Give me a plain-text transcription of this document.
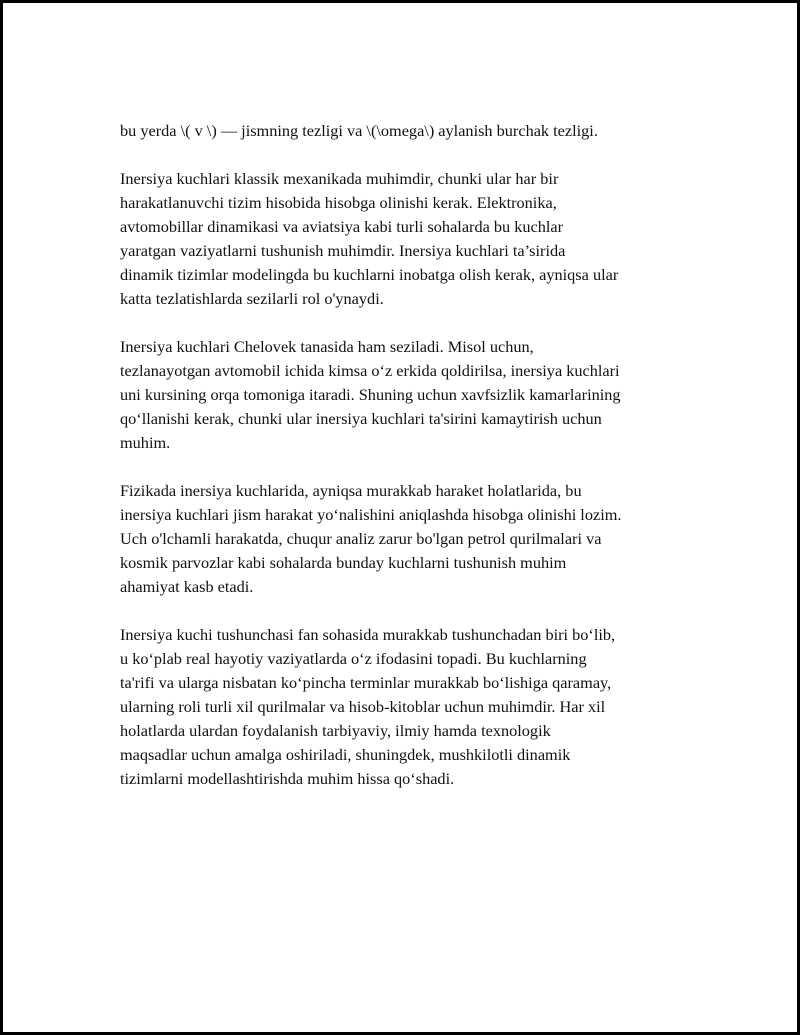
bu yerda \( v \) — jismning tezligi va \(\omega\) aylanish burchak tezligi.

Inersiya kuchlari klassik mexanikada muhimdir, chunki ular har bir
harakatlanuvchi tizim hisobida hisobga olinishi kerak. Elektronika,
avtomobillar dinamikasi va aviatsiya kabi turli sohalarda bu kuchlar
yaratgan vaziyatlarni tushunish muhimdir. Inersiya kuchlari ta’sirida
dinamik tizimlar modelingda bu kuchlarni inobatga olish kerak, ayniqsa ular
katta tezlatishlarda sezilarli rol o'ynaydi.

Inersiya kuchlari Chelovek tanasida ham seziladi. Misol uchun,
tezlanayotgan avtomobil ichida kimsa o‘z erkida qoldirilsa, inersiya kuchlari
uni kursining orqa tomoniga itaradi. Shuning uchun xavfsizlik kamarlarining
qo‘llanishi kerak, chunki ular inersiya kuchlari ta'sirini kamaytirish uchun
muhim.

Fizikada inersiya kuchlarida, ayniqsa murakkab haraket holatlarida, bu
inersiya kuchlari jism harakat yo‘nalishini aniqlashda hisobga olinishi lozim.
Uch o'lchamli harakatda, chuqur analiz zarur bo'lgan petrol qurilmalari va
kosmik parvozlar kabi sohalarda bunday kuchlarni tushunish muhim
ahamiyat kasb etadi.

Inersiya kuchi tushunchasi fan sohasida murakkab tushunchadan biri bo‘lib,
u ko‘plab real hayotiy vaziyatlarda o‘z ifodasini topadi. Bu kuchlarning
ta'rifi va ularga nisbatan ko‘pincha terminlar murakkab bo‘lishiga qaramay,
ularning roli turli xil qurilmalar va hisob-kitoblar uchun muhimdir. Har xil
holatlarda ulardan foydalanish tarbiyaviy, ilmiy hamda texnologik
maqsadlar uchun amalga oshiriladi, shuningdek, mushkilotli dinamik
tizimlarni modellashtirishda muhim hissa qo‘shadi.
